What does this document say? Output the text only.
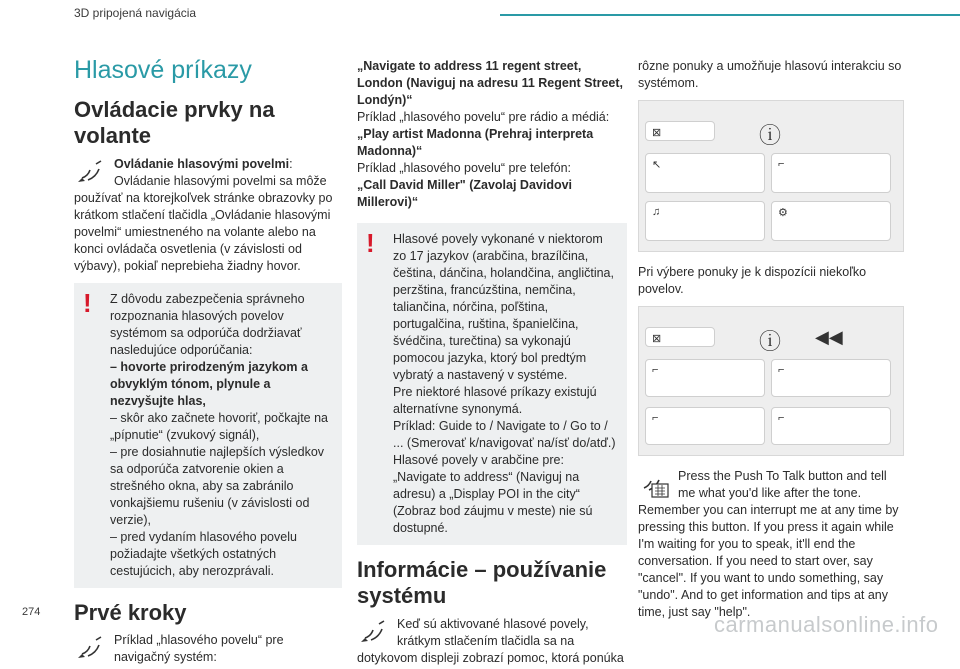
3D pripojená navigácia
Hlasové príkazy
Ovládacie prvky na volante

Ovládanie hlasovými povelmi: Ovládanie hlasovými povelmi sa môže používať na ktorejkoľvek stránke obrazovky po krátkom stlačení tlačidla „Ovládanie hlasovými povelmi“ umiestneného na volante alebo na konci ovládača osvetlenia (v závislosti od výbavy), pokiaľ neprebieha žiadny hovor.

! Z dôvodu zabezpečenia správneho rozpoznania hlasových povelov systémom sa odporúča dodržiavať nasledujúce odporúčania:

– hovorte prirodzeným jazykom a obvyklým tónom, plynule a nezvyšujte hlas,

– skôr ako začnete hovoriť, počkajte na „pípnutie“ (zvukový signál),

– pre dosiahnutie najlepších výsledkov sa odporúča zatvorenie okien a strešného okna, aby sa zabránilo vonkajšiemu rušeniu (v závislosti od verzie),

– pred vydaním hlasového povelu požiadajte všetkých ostatných cestujúcich, aby nerozprávali.

Prvé kroky

Príklad „hlasového povelu“ pre navigačný systém:

„Navigate to address 11 regent street, London (Naviguj na adresu 11 Regent Street, Londýn)“

Príklad „hlasového povelu“ pre rádio a médiá:

„Play artist Madonna (Prehraj interpreta Madonna)“

Príklad „hlasového povelu“ pre telefón:

„Call David Miller" (Zavolaj Davidovi Millerovi)“

! Hlasové povely vykonané v niektorom zo 17 jazykov (arabčina, brazílčina, čeština, dánčina, holandčina, angličtina, perzština, francúzština, nemčina, taliančina, nórčina, poľština, portugalčina, ruština, španielčina, švédčina, turečtina) sa vykonajú pomocou jazyka, ktorý bol predtým vybratý a nastavený v systéme.

Pre niektoré hlasové príkazy existujú alternatívne synonymá.

Príklad: Guide to / Navigate to / Go to / ... (Smerovať k/navigovať na/ísť do/atď.)

Hlasové povely v arabčine pre: „Navigate to address“ (Naviguj na adresu) a „Display POI in the city“ (Zobraz bod záujmu v meste) nie sú dostupné.

Informácie – používanie systému

Keď sú aktivované hlasové povely, krátkym stlačením tlačidla sa na dotykovom displeji zobrazí pomoc, ktorá ponúka

rôzne ponuky a umožňuje hlasovú interakciu so systémom.

⊠	ⓘ
↖	⌐
♫	⚙

Pri výbere ponuky je k dispozícii niekoľko povelov.

⊠	ⓘ ◀◀
⌐	⌐
⌐	⌐

Press the Push To Talk button and tell me what you'd like after the tone. Remember you can interrupt me at any time by pressing this button. If you press it again while I'm waiting for you to speak, it'll end the conversation. If you need to start over, say "cancel". If you want to undo something, say "undo". And to get information and tips at any time, just say "help".

274	carmanualsonline.info
